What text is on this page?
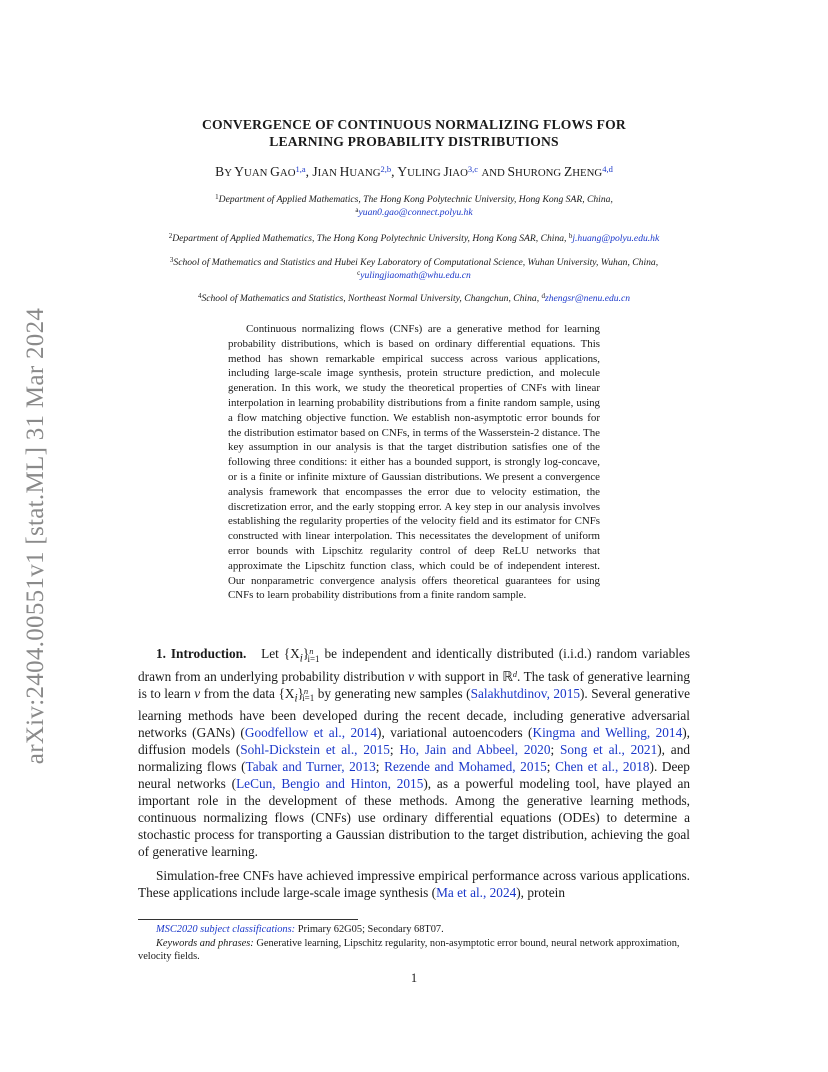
arXiv:2404.00551v1 [stat.ML] 31 Mar 2024
CONVERGENCE OF CONTINUOUS NORMALIZING FLOWS FOR
LEARNING PROBABILITY DISTRIBUTIONS
BY YUAN GAO$^{1,a}$, JIAN HUANG$^{2,b}$, YULING JIAO$^{3,c}$ AND SHURONG ZHENG$^{4,d}$
$^1$Department of Applied Mathematics, The Hong Kong Polytechnic University, Hong Kong SAR, China,
$^a$yuan0.gao@connect.polyu.hk
$^2$Department of Applied Mathematics, The Hong Kong Polytechnic University, Hong Kong SAR, China, $^b$j.huang@polyu.edu.hk
$^3$School of Mathematics and Statistics and Hubei Key Laboratory of Computational Science, Wuhan University, Wuhan, China,
$^c$yulingjiaomath@whu.edu.cn
$^4$School of Mathematics and Statistics, Northeast Normal University, Changchun, China, $^d$zhengsr@nenu.edu.cn
Continuous normalizing flows (CNFs) are a generative method for learning probability distributions, which is based on ordinary differential equations. This method has shown remarkable empirical success across various applications, including large-scale image synthesis, protein structure prediction, and molecule generation. In this work, we study the theoretical properties of CNFs with linear interpolation in learning probability distributions from a finite random sample, using a flow matching objective function. We establish non-asymptotic error bounds for the distribution estimator based on CNFs, in terms of the Wasserstein-2 distance. The key assumption in our analysis is that the target distribution satisfies one of the following three conditions: it either has a bounded support, is strongly log-concave, or is a finite or infinite mixture of Gaussian distributions. We present a convergence analysis framework that encompasses the error due to velocity estimation, the discretization error, and the early stopping error. A key step in our analysis involves establishing the regularity properties of the velocity field and its estimator for CNFs constructed with linear interpolation. This necessitates the development of uniform error bounds with Lipschitz regularity control of deep ReLU networks that approximate the Lipschitz function class, which could be of independent interest. Our nonparametric convergence analysis offers theoretical guarantees for using CNFs to learn probability distributions from a finite random sample.
1. Introduction. Let $\{X_i\}^n_{i=1}$ be independent and identically distributed (i.i.d.) random variables drawn from an underlying probability distribution ν with support in ℝ$^d$. The task of generative learning is to learn ν from the data $\{X_i\}^n_{i=1}$ by generating new samples (Salakhutdinov, 2015). Several generative learning methods have been developed during the recent decade, including generative adversarial networks (GANs) (Goodfellow et al., 2014), variational autoencoders (Kingma and Welling, 2014), diffusion models (Sohl-Dickstein et al., 2015; Ho, Jain and Abbeel, 2020; Song et al., 2021), and normalizing flows (Tabak and Turner, 2013; Rezende and Mohamed, 2015; Chen et al., 2018). Deep neural networks (LeCun, Bengio and Hinton, 2015), as a powerful modeling tool, have played an important role in the development of these methods. Among the generative learning methods, continuous normalizing flows (CNFs) use ordinary differential equations (ODEs) to determine a stochastic process for transporting a Gaussian distribution to the target distribution, achieving the goal of generative learning.
Simulation-free CNFs have achieved impressive empirical performance across various applications. These applications include large-scale image synthesis (Ma et al., 2024), protein
MSC2020 subject classifications: Primary 62G05; Secondary 68T07.
Keywords and phrases: Generative learning, Lipschitz regularity, non-asymptotic error bound, neural network approximation, velocity fields.
1
